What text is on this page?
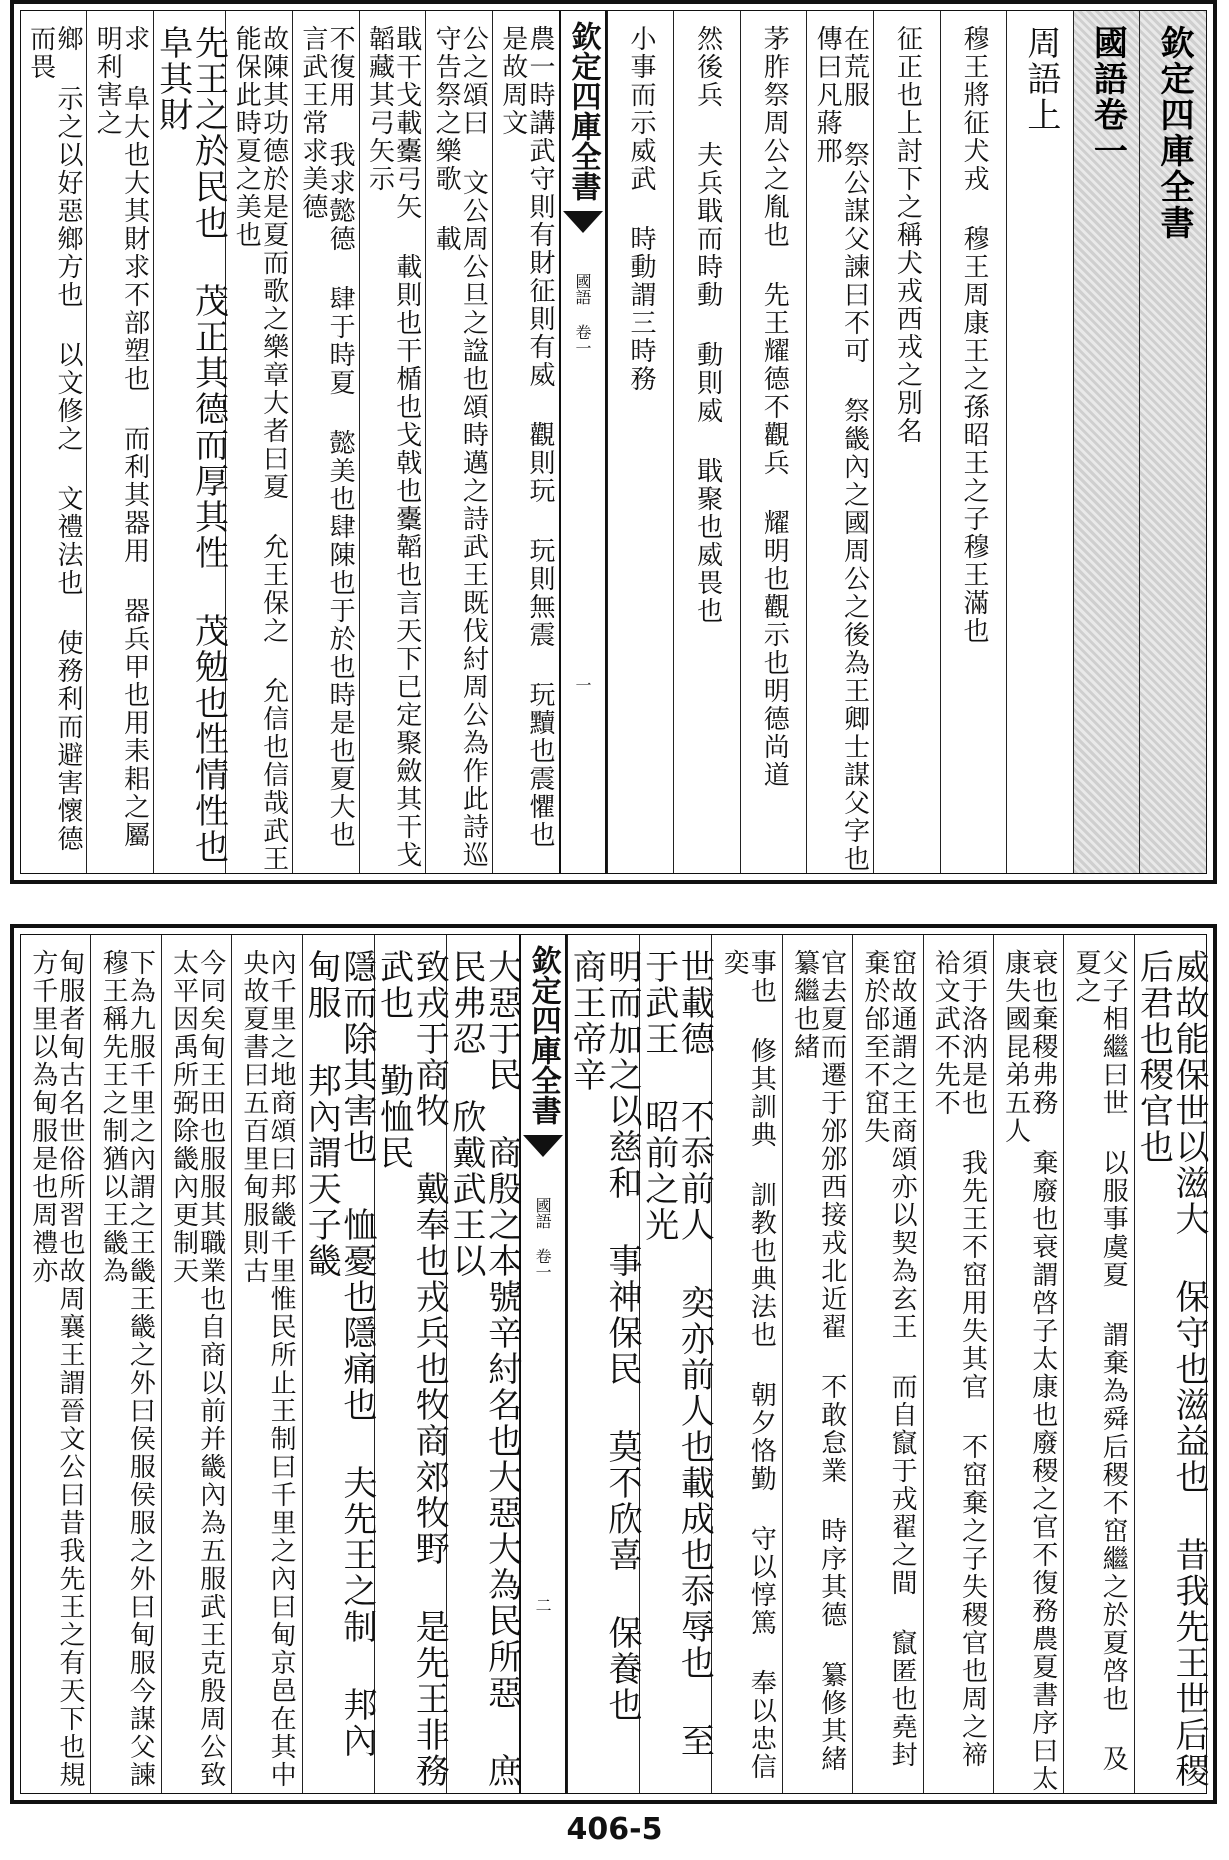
欽定四庫全書
國語卷一
周語上
穆王將征犬戎 穆王周康王之孫昭王之子穆王滿也
征正也上討下之稱犬戎西戎之別名
在荒服 祭公謀父諫曰不可 祭畿內之國周公之後為王卿士謀父字也傳曰凡蔣邢
茅胙祭周公之胤也 先王耀德不觀兵 耀明也觀示也明德尚道
然後兵 夫兵戢而時動 動則威 戢聚也威畏也
小事而示威武 時動謂三時務
欽定四庫全書
國語 卷一
一
農一時講武守則有財征則有威 觀則玩 玩則無震 玩黷也震懼也 是故周文
公之頌曰 文公周公旦之諡也頌時邁之詩武王既伐紂周公為作此詩巡守告祭之樂歌 載
戢干戈載櫜弓矢 載則也干楯也戈戟也櫜韜也言天下已定聚斂其干戈韜藏其弓矢示
不復用 我求懿德 肆于時夏 懿美也肆陳也于於也時是也夏大也言武王常求美德
故陳其功德於是夏而歌之樂章大者曰夏 允王保之 允信也信哉武王能保此時夏之美也
先王之於民也 茂正其德而厚其性 茂勉也性情性也 阜其財
求 阜大也大其財求不部塑也 而利其器用 器兵甲也用耒耜之屬 明利害之
鄉 示之以好惡鄉方也 以文修之 文禮法也 使務利而避害懷德而畏
威故能保世以滋大 保守也滋益也 昔我先王世后稷 后君也稷官也
父子相繼曰世 以服事虞夏 謂棄為舜后稷不窋繼之於夏啓也 及夏之
衰也棄稷弗務 棄廢也衰謂啓子太康也廢稷之官不復務農夏書序曰太康失國昆弟五人
須于洛汭是也 我先王不窋用失其官 不窋棄之子失稷官也周之禘祫文武不先不
窋故通謂之王商頌亦以契為玄王 而自竄于戎翟之間 竄匿也堯封棄於邰至不窋失
官去夏而遷于邠邠西接戎北近翟 不敢怠業 時序其德 纂修其緒 纂繼也緒
事也 修其訓典 訓教也典法也 朝夕恪勤 守以惇篤 奉以忠信 奕
世載德 不忝前人 奕亦前人也載成也忝辱也 至于武王 昭前之光
明而加之以慈和 事神保民 莫不欣喜 保養也 商王帝辛
欽定四庫全書
國語 卷一
二
大惡于民 商殷之本號辛紂名也大惡大為民所惡 庶民弗忍 欣戴武王以
致戎于商牧 戴奉也戎兵也牧商郊牧野 是先王非務武也 勤恤民
隱而除其害也 恤憂也隱痛也 夫先王之制 邦內甸服 邦內謂天子畿
內千里之地商頌曰邦畿千里惟民所止王制曰千里之內曰甸京邑在其中央故夏書曰五百里甸服則古
今同矣甸王田也服服其職業也自商以前并畿內為五服武王克殷周公致太平因禹所弼除畿內更制天
下為九服千里之內謂之王畿王畿之外曰侯服侯服之外曰甸服今謀父諫穆王稱先王之制猶以王畿為
甸服者甸古名世俗所習也故周襄王謂晉文公曰昔我先王之有天下也規方千里以為甸服是也周禮亦
406-5
